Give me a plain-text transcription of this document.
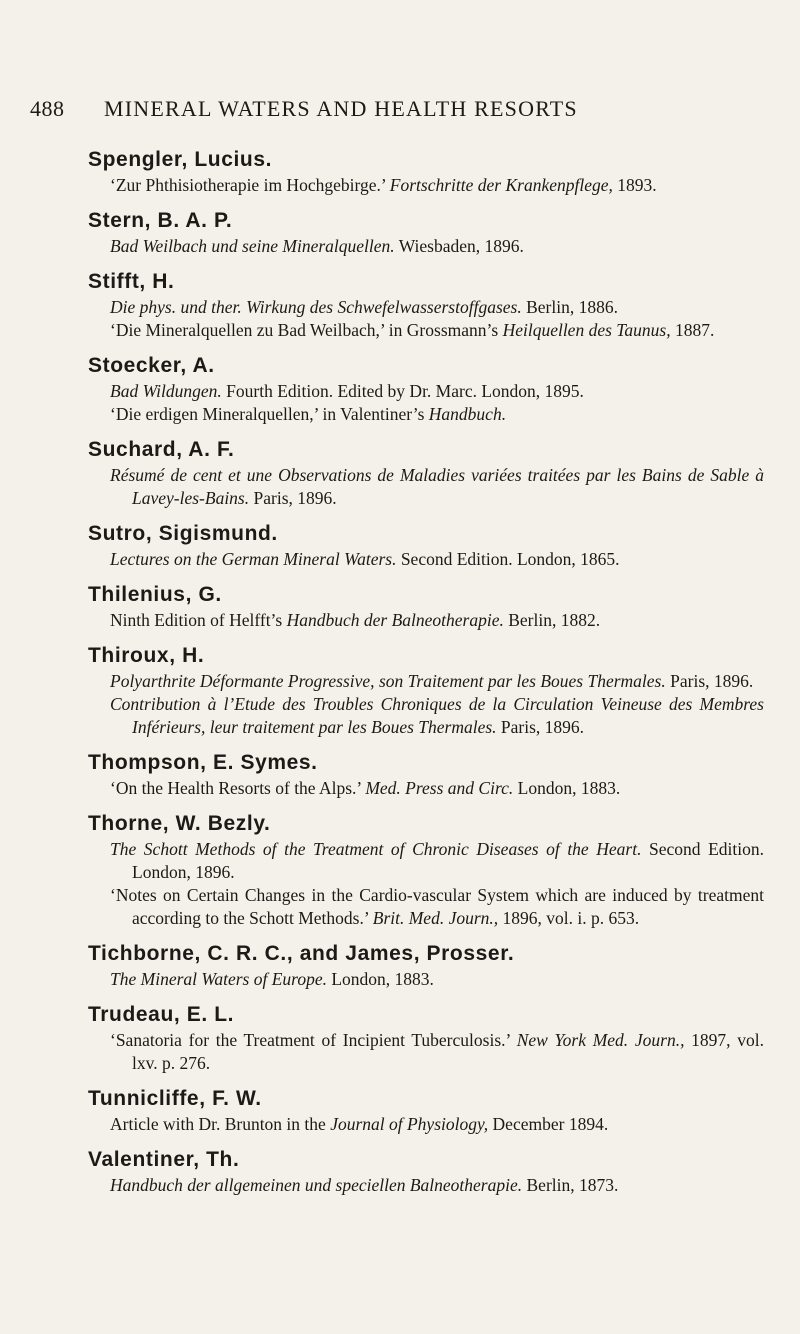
488 MINERAL WATERS AND HEALTH RESORTS
Spengler, Lucius.
‘Zur Phthisiotherapie im Hochgebirge.’ Fortschritte der Krankenpflege, 1893.
Stern, B. A. P.
Bad Weilbach und seine Mineralquellen. Wiesbaden, 1896.
Stifft, H.
Die phys. und ther. Wirkung des Schwefelwasserstoffgases. Berlin, 1886.
‘Die Mineralquellen zu Bad Weilbach,’ in Grossmann’s Heilquellen des Taunus, 1887.
Stoecker, A.
Bad Wildungen. Fourth Edition. Edited by Dr. Marc. London, 1895.
‘Die erdigen Mineralquellen,’ in Valentiner’s Handbuch.
Suchard, A. F.
Résumé de cent et une Observations de Maladies variées traitées par les Bains de Sable à Lavey-les-Bains. Paris, 1896.
Sutro, Sigismund.
Lectures on the German Mineral Waters. Second Edition. London, 1865.
Thilenius, G.
Ninth Edition of Helfft’s Handbuch der Balneotherapie. Berlin, 1882.
Thiroux, H.
Polyarthrite Déformante Progressive, son Traitement par les Boues Thermales. Paris, 1896.
Contribution à l’Etude des Troubles Chroniques de la Circulation Veineuse des Membres Inférieurs, leur traitement par les Boues Thermales. Paris, 1896.
Thompson, E. Symes.
‘On the Health Resorts of the Alps.’ Med. Press and Circ. London, 1883.
Thorne, W. Bezly.
The Schott Methods of the Treatment of Chronic Diseases of the Heart. Second Edition. London, 1896.
‘Notes on Certain Changes in the Cardio-vascular System which are induced by treatment according to the Schott Methods.’ Brit. Med. Journ., 1896, vol. i. p. 653.
Tichborne, C. R. C., and James, Prosser.
The Mineral Waters of Europe. London, 1883.
Trudeau, E. L.
‘Sanatoria for the Treatment of Incipient Tuberculosis.’ New York Med. Journ., 1897, vol. lxv. p. 276.
Tunnicliffe, F. W.
Article with Dr. Brunton in the Journal of Physiology, December 1894.
Valentiner, Th.
Handbuch der allgemeinen und speciellen Balneotherapie. Berlin, 1873.
